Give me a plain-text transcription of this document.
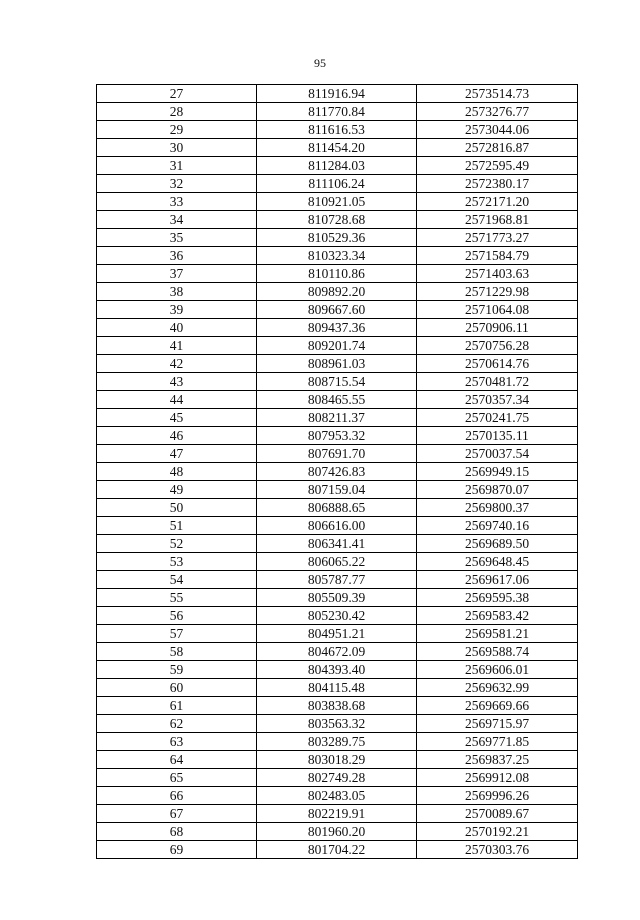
95
27	811916.94	2573514.73
28	811770.84	2573276.77
29	811616.53	2573044.06
30	811454.20	2572816.87
31	811284.03	2572595.49
32	811106.24	2572380.17
33	810921.05	2572171.20
34	810728.68	2571968.81
35	810529.36	2571773.27
36	810323.34	2571584.79
37	810110.86	2571403.63
38	809892.20	2571229.98
39	809667.60	2571064.08
40	809437.36	2570906.11
41	809201.74	2570756.28
42	808961.03	2570614.76
43	808715.54	2570481.72
44	808465.55	2570357.34
45	808211.37	2570241.75
46	807953.32	2570135.11
47	807691.70	2570037.54
48	807426.83	2569949.15
49	807159.04	2569870.07
50	806888.65	2569800.37
51	806616.00	2569740.16
52	806341.41	2569689.50
53	806065.22	2569648.45
54	805787.77	2569617.06
55	805509.39	2569595.38
56	805230.42	2569583.42
57	804951.21	2569581.21
58	804672.09	2569588.74
59	804393.40	2569606.01
60	804115.48	2569632.99
61	803838.68	2569669.66
62	803563.32	2569715.97
63	803289.75	2569771.85
64	803018.29	2569837.25
65	802749.28	2569912.08
66	802483.05	2569996.26
67	802219.91	2570089.67
68	801960.20	2570192.21
69	801704.22	2570303.76
